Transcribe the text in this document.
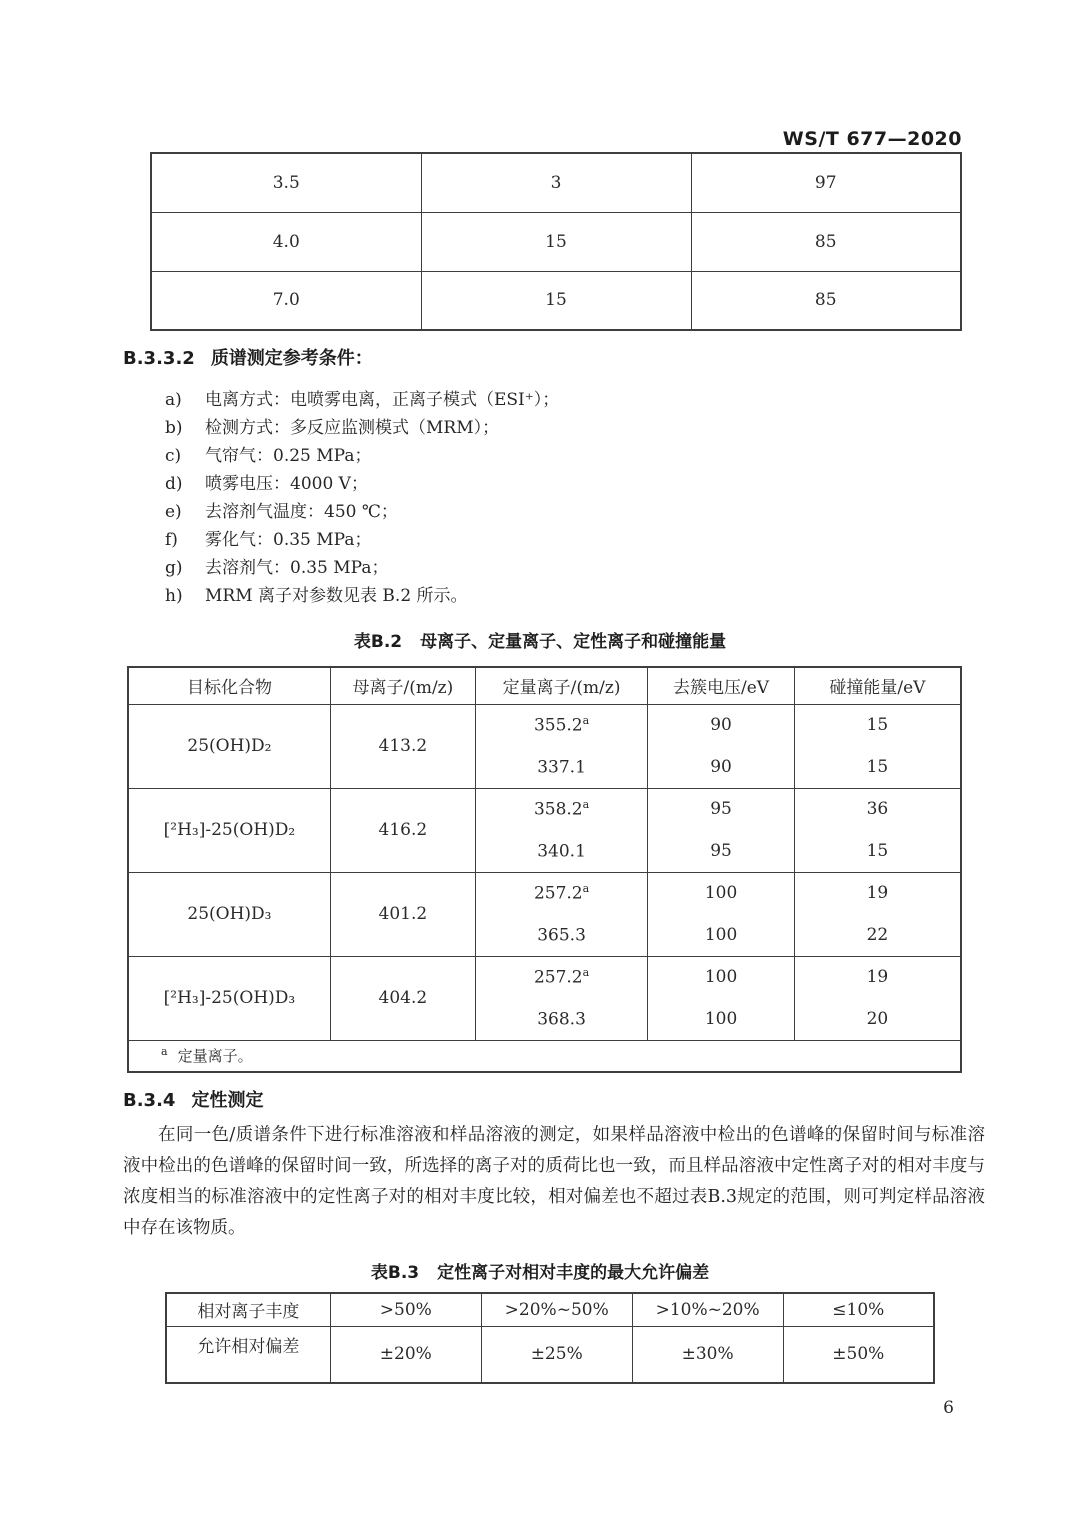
WS/T 677—2020
3.5	3	97
4.0	15	85
7.0	15	85
B.3.3.2 质谱测定参考条件：
a) 电离方式：电喷雾电离，正离子模式（ESI⁺）；
b) 检测方式：多反应监测模式（MRM）；
c) 气帘气：0.25 MPa；
d) 喷雾电压：4000 V；
e) 去溶剂气温度：450 ℃；
f) 雾化气：0.35 MPa；
g) 去溶剂气：0.35 MPa；
h) MRM 离子对参数见表 B.2 所示。
表B.2 母离子、定量离子、定性离子和碰撞能量
目标化合物	母离子/(m/z)	定量离子/(m/z)	去簇电压/eV	碰撞能量/eV
25(OH)D₂	413.2	355.2$^a$	90	15
		337.1	90	15
[²H₃]-25(OH)D₂	416.2	358.2$^a$	95	36
		340.1	95	15
25(OH)D₃	401.2	257.2$^a$	100	19
		365.3	100	22
[²H₃]-25(OH)D₃	404.2	257.2$^a$	100	19
		368.3	100	20
$^a$ 定量离子。				
B.3.4 定性测定

在同一色/质谱条件下进行标准溶液和样品溶液的测定，如果样品溶液中检出的色谱峰的保留时间与标准溶液中检出的色谱峰的保留时间一致，所选择的离子对的质荷比也一致，而且样品溶液中定性离子对的相对丰度与浓度相当的标准溶液中的定性离子对的相对丰度比较，相对偏差也不超过表B.3规定的范围，则可判定样品溶液中存在该物质。

表B.3 定性离子对相对丰度的最大允许偏差
相对离子丰度	>50%	>20%~50%	>10%~20%	≤10%
允许相对偏差	±20%	±25%	±30%	±50%
6
